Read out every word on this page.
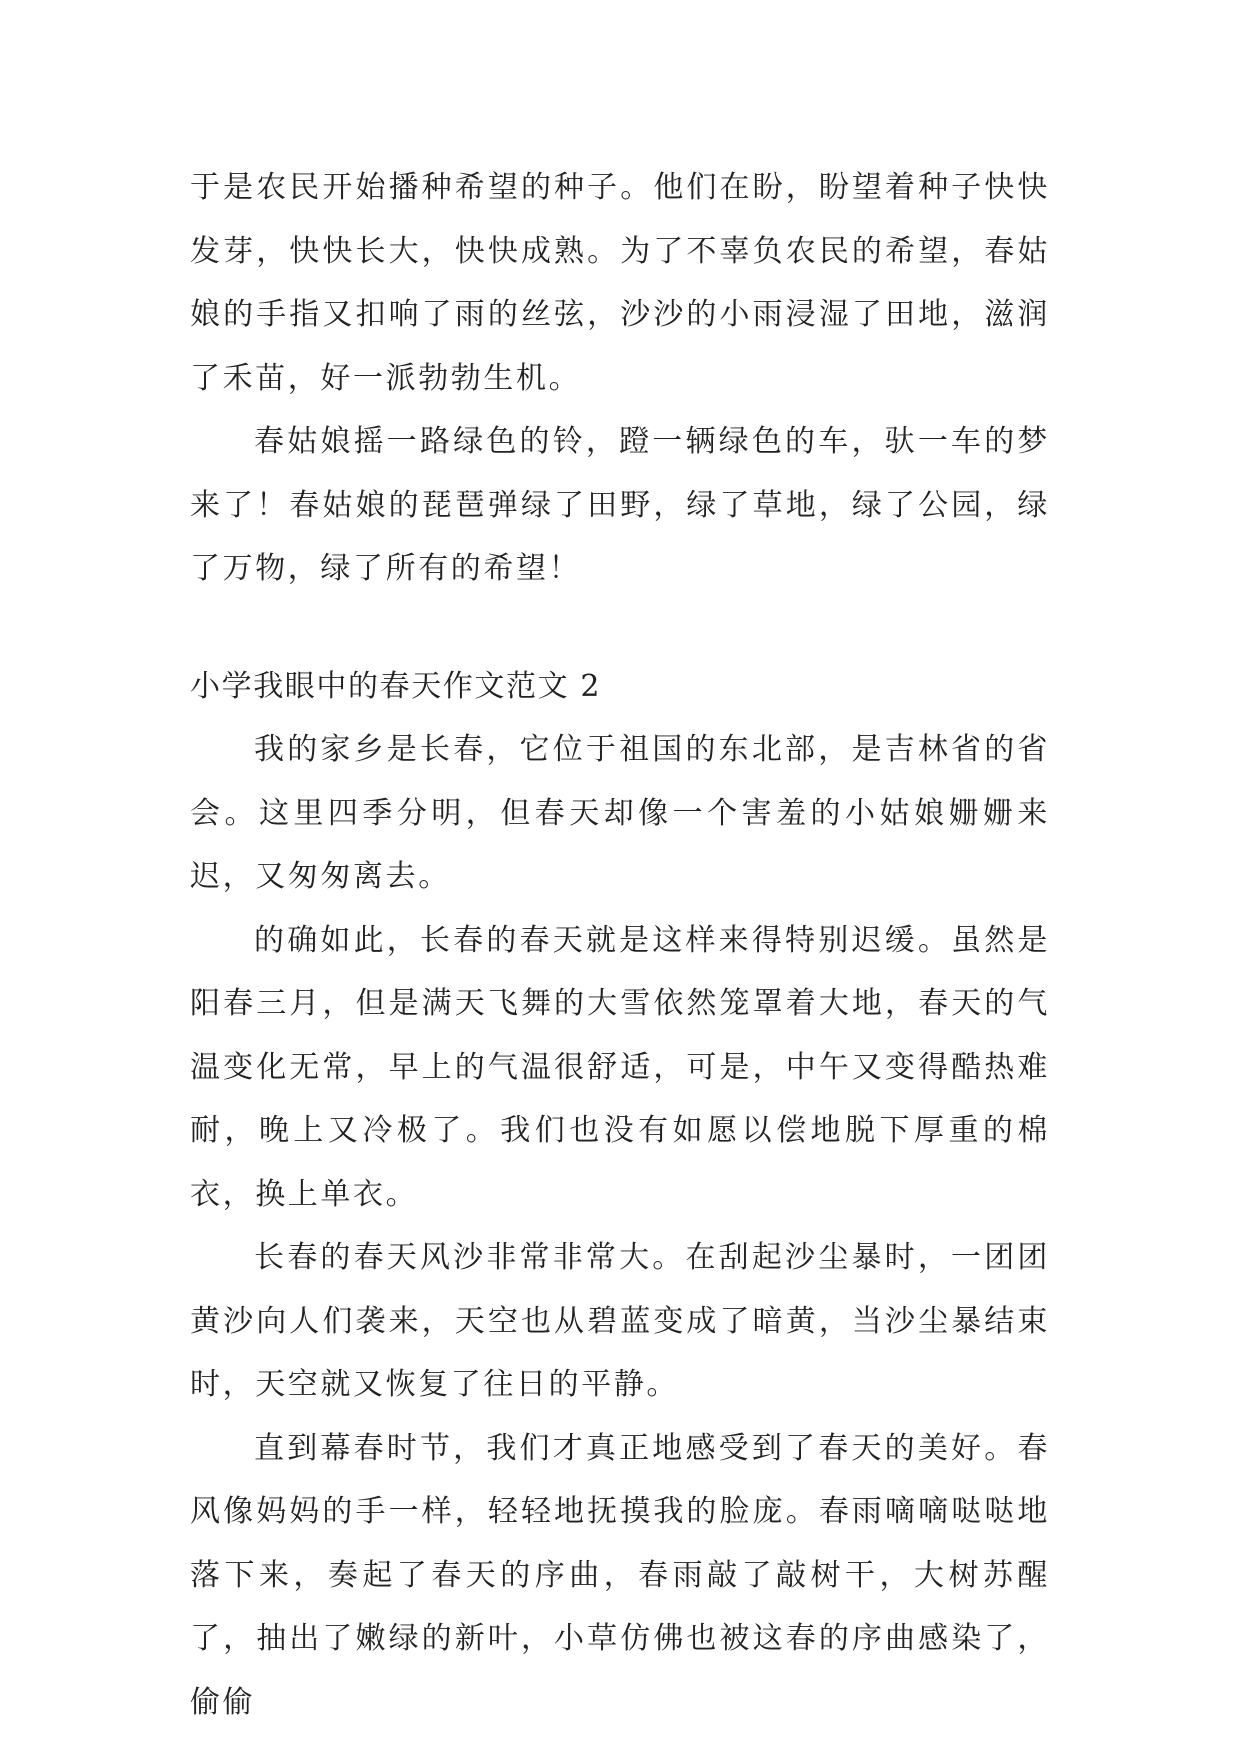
于是农民开始播种希望的种子。他们在盼，盼望着种子快快发芽，快快长大，快快成熟。为了不辜负农民的希望，春姑娘的手指又扣响了雨的丝弦，沙沙的小雨浸湿了田地，滋润了禾苗，好一派勃勃生机。

春姑娘摇一路绿色的铃，蹬一辆绿色的车，驮一车的梦来了！春姑娘的琵琶弹绿了田野，绿了草地，绿了公园，绿了万物，绿了所有的希望！

小学我眼中的春天作文范文 2

我的家乡是长春，它位于祖国的东北部，是吉林省的省会。这里四季分明，但春天却像一个害羞的小姑娘姗姗来迟，又匆匆离去。

的确如此，长春的春天就是这样来得特别迟缓。虽然是阳春三月，但是满天飞舞的大雪依然笼罩着大地，春天的气温变化无常，早上的气温很舒适，可是，中午又变得酷热难耐，晚上又冷极了。我们也没有如愿以偿地脱下厚重的棉衣，换上单衣。

长春的春天风沙非常非常大。在刮起沙尘暴时，一团团黄沙向人们袭来，天空也从碧蓝变成了暗黄，当沙尘暴结束时，天空就又恢复了往日的平静。

直到幕春时节，我们才真正地感受到了春天的美好。春风像妈妈的手一样，轻轻地抚摸我的脸庞。春雨嘀嘀哒哒地落下来，奏起了春天的序曲，春雨敲了敲树干，大树苏醒了，抽出了嫩绿的新叶，小草仿佛也被这春的序曲感染了，偷偷
